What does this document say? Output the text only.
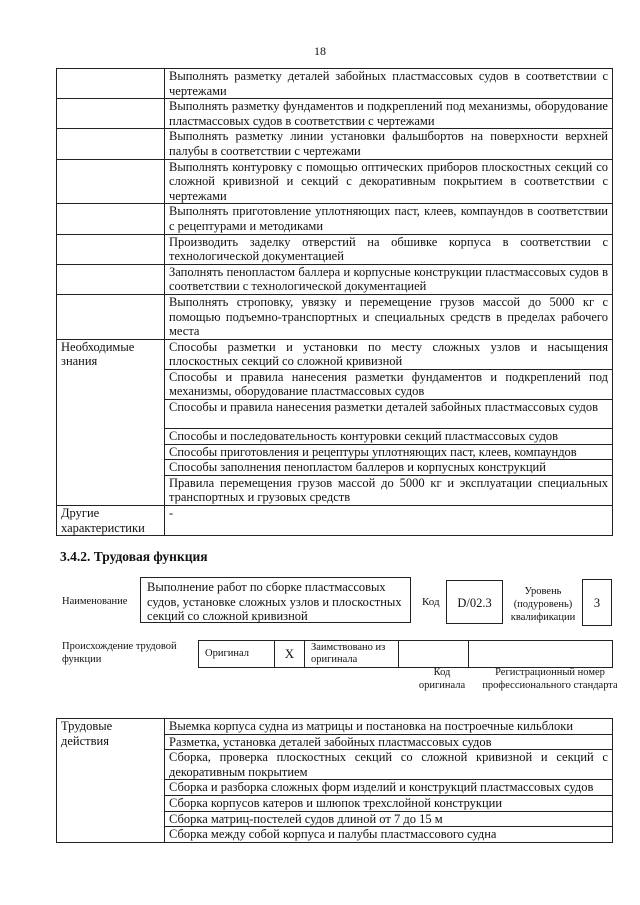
18
	Выполнять разметку деталей забойных пластмассовых судов в соответствии с чертежами
	Выполнять разметку фундаментов и подкреплений под механизмы, оборудование пластмассовых судов в соответствии с чертежами
	Выполнять разметку линии установки фальшбортов на поверхности верхней палубы в соответствии с чертежами
	Выполнять контуровку с помощью оптических приборов плоскостных секций со сложной кривизной и секций с декоративным покрытием в соответствии с чертежами
	Выполнять приготовление уплотняющих паст, клеев, компаундов в соответствии с рецептурами и методиками
	Производить заделку отверстий на обшивке корпуса в соответствии с технологической документацией
	Заполнять пенопластом баллера и корпусные конструкции пластмассовых судов в соответствии с технологической документацией
	Выполнять строповку, увязку и перемещение грузов массой до 5000 кг с помощью подъемно-транспортных и специальных средств в пределах рабочего места
Необходимые знания	Способы разметки и установки по месту сложных узлов и насыщения плоскостных секций со сложной кривизной
	Способы и правила нанесения разметки фундаментов и подкреплений под механизмы, оборудование пластмассовых судов
	Способы и правила нанесения разметки деталей забойных пластмассовых судов
	Способы и последовательность контуровки секций пластмассовых судов
	Способы приготовления и рецептуры уплотняющих паст, клеев, компаундов
	Способы заполнения пенопластом баллеров и корпусных конструкций
	Правила перемещения грузов массой до 5000 кг и эксплуатации специальных транспортных и грузовых средств
Другие характеристики	-
3.4.2. Трудовая функция
Наименование
Выполнение работ по сборке пластмассовых судов, установке сложных узлов и плоскостных секций со сложной кривизной
Код	D/02.3
Уровень (подуровень) квалификации
3
Происхождение трудовой функции
Оригинал	X	Заимствовано из оригинала		
Код оригинала
Регистрационный номер профессионального стандарта
Трудовые действия	Выемка корпуса судна из матрицы и постановка на построечные кильблоки
Разметка, установка деталей забойных пластмассовых судов
Сборка, проверка плоскостных секций со сложной кривизной и секций с декоративным покрытием
Сборка и разборка сложных форм изделий и конструкций пластмассовых судов
Сборка корпусов катеров и шлюпок трехслойной конструкции
Сборка матриц-постелей судов длиной от 7 до 15 м
Сборка между собой корпуса и палубы пластмассового судна
